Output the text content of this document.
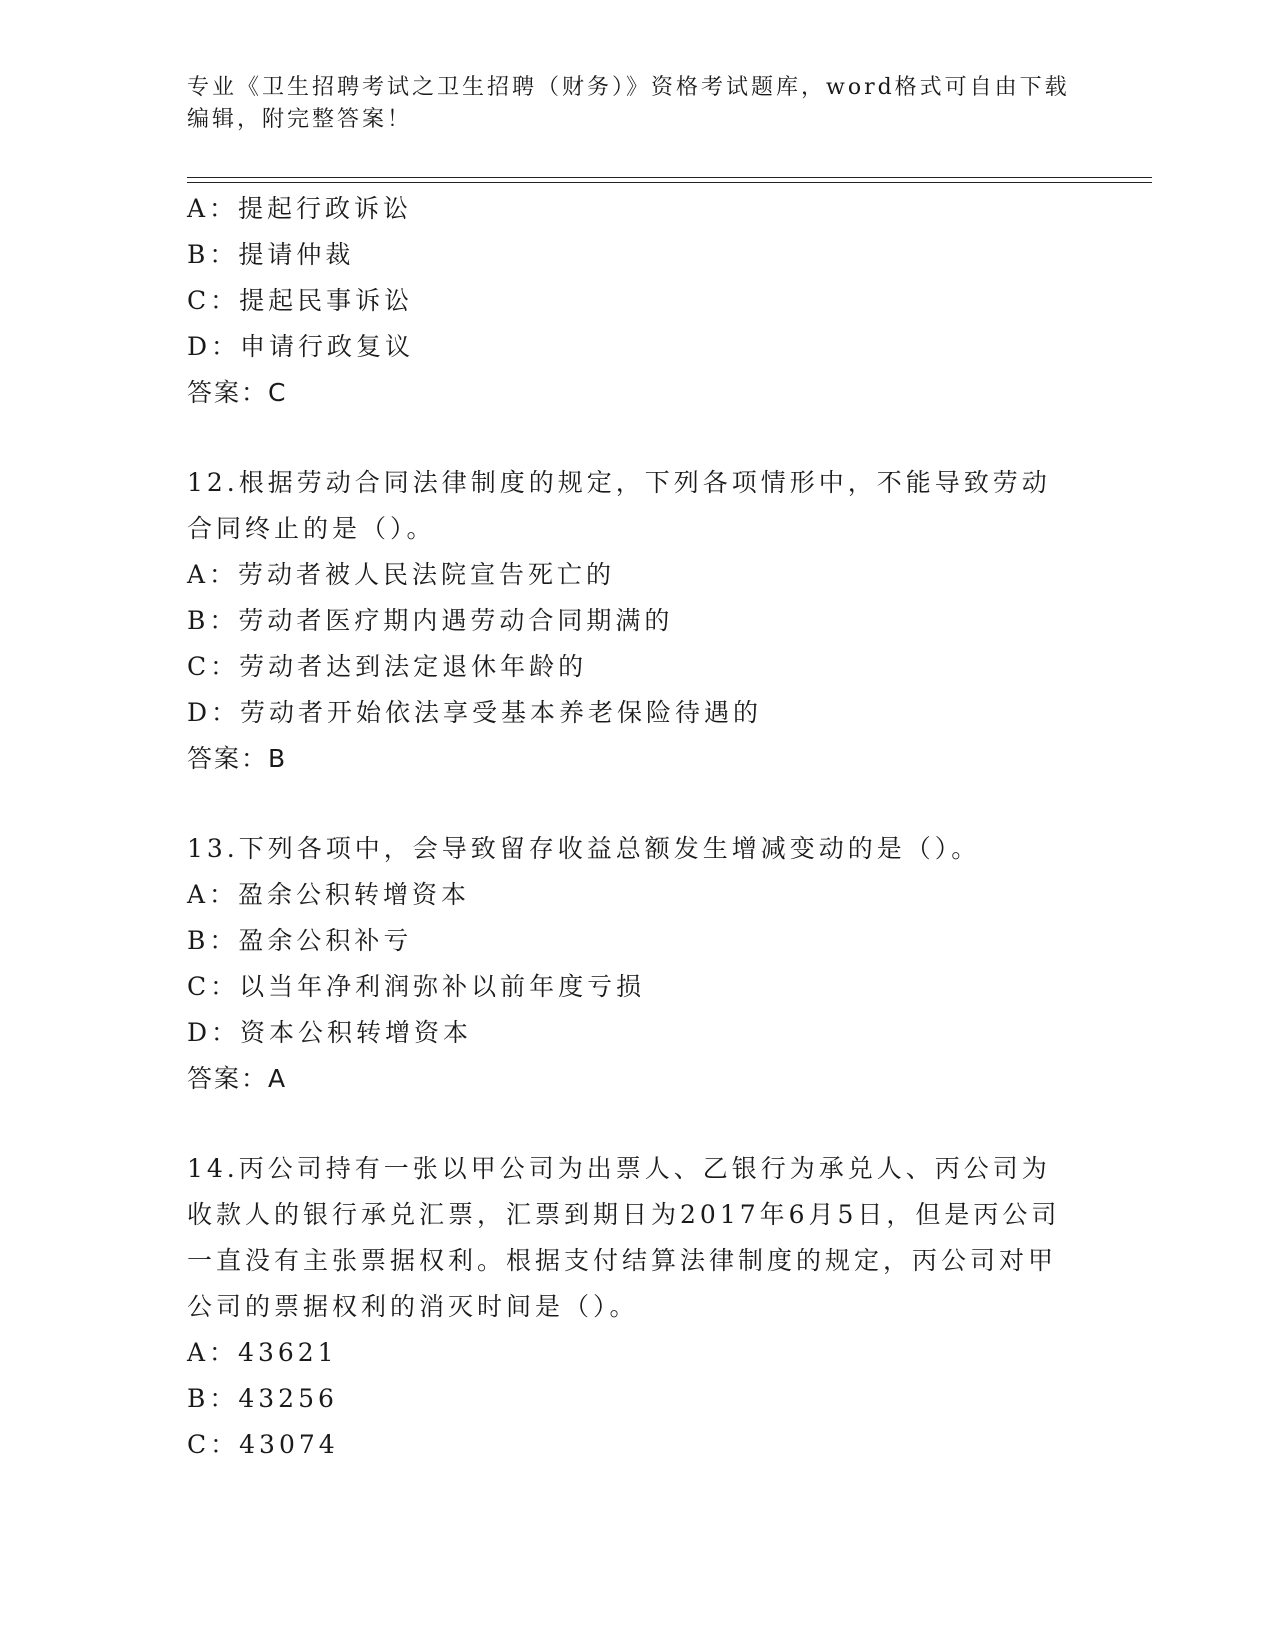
专业《卫生招聘考试之卫生招聘（财务）》资格考试题库，word格式可自由下载编辑，附完整答案！

A：提起行政诉讼

B：提请仲裁

C：提起民事诉讼

D：申请行政复议

答案：C

12.根据劳动合同法律制度的规定，下列各项情形中，不能导致劳动合同终止的是（）。

A：劳动者被人民法院宣告死亡的

B：劳动者医疗期内遇劳动合同期满的

C：劳动者达到法定退休年龄的

D：劳动者开始依法享受基本养老保险待遇的

答案：B

13.下列各项中，会导致留存收益总额发生增减变动的是（）。

A：盈余公积转增资本

B：盈余公积补亏

C：以当年净利润弥补以前年度亏损

D：资本公积转增资本

答案：A

14.丙公司持有一张以甲公司为出票人、乙银行为承兑人、丙公司为收款人的银行承兑汇票，汇票到期日为2017年6月5日，但是丙公司一直没有主张票据权利。根据支付结算法律制度的规定，丙公司对甲公司的票据权利的消灭时间是（）。

A：43621

B：43256

C：43074
